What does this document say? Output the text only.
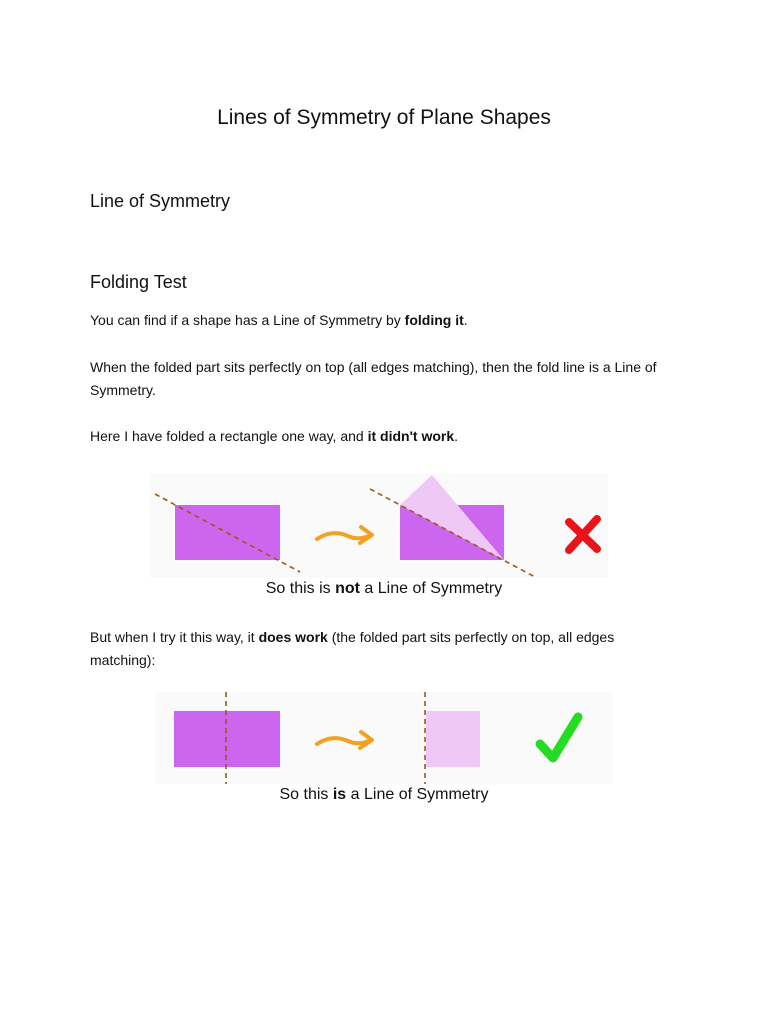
Lines of Symmetry of Plane Shapes
Line of Symmetry
Folding Test
You can find if a shape has a Line of Symmetry by folding it.
When the folded part sits perfectly on top (all edges matching), then the fold line is a Line of Symmetry.
Here I have folded a rectangle one way, and it didn't work.
So this is not a Line of Symmetry
But when I try it this way, it does work (the folded part sits perfectly on top, all edges matching):
So this is a Line of Symmetry
